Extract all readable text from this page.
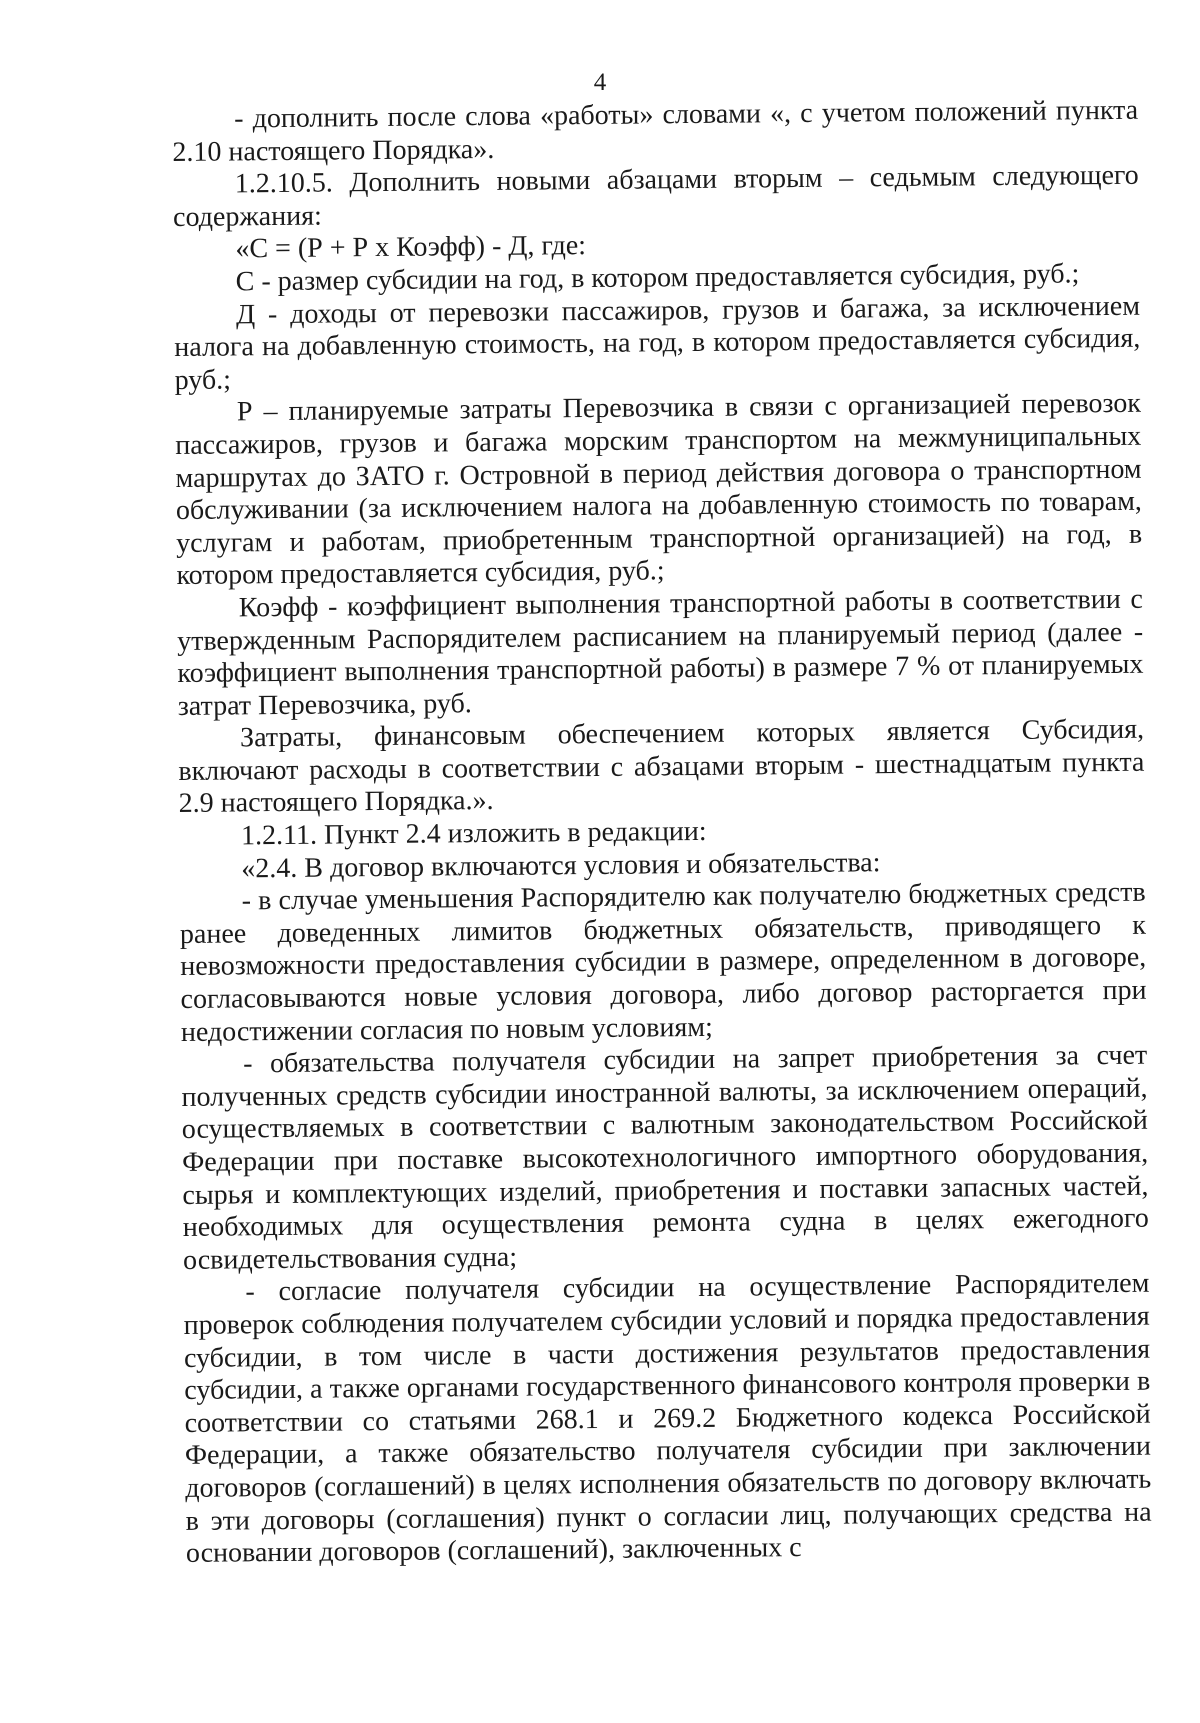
4

- дополнить после слова «работы» словами «, с учетом положений пункта 2.10 настоящего Порядка».

1.2.10.5. Дополнить новыми абзацами вторым – седьмым следующего содержания:

«С = (Р + Р х Коэфф) - Д, где:

С - размер субсидии на год, в котором предоставляется субсидия, руб.;

Д - доходы от перевозки пассажиров, грузов и багажа, за исключением налога на добавленную стоимость, на год, в котором предоставляется субсидия, руб.;

Р – планируемые затраты Перевозчика в связи с организацией перевозок пассажиров, грузов и багажа морским транспортом на межмуниципальных маршрутах до ЗАТО г. Островной в период действия договора о транспортном обслуживании (за исключением налога на добавленную стоимость по товарам, услугам и работам, приобретенным транспортной организацией) на год, в котором предоставляется субсидия, руб.;

Коэфф - коэффициент выполнения транспортной работы в соответствии с утвержденным Распорядителем расписанием на планируемый период (далее - коэффициент выполнения транспортной работы) в размере 7 % от планируемых затрат Перевозчика, руб.

Затраты, финансовым обеспечением которых является Субсидия, включают расходы в соответствии с абзацами вторым - шестнадцатым пункта 2.9 настоящего Порядка.».

1.2.11. Пункт 2.4 изложить в редакции:

«2.4. В договор включаются условия и обязательства:

- в случае уменьшения Распорядителю как получателю бюджетных средств ранее доведенных лимитов бюджетных обязательств, приводящего к невозможности предоставления субсидии в размере, определенном в договоре, согласовываются новые условия договора, либо договор расторгается при недостижении согласия по новым условиям;

- обязательства получателя субсидии на запрет приобретения за счет полученных средств субсидии иностранной валюты, за исключением операций, осуществляемых в соответствии с валютным законодательством Российской Федерации при поставке высокотехнологичного импортного оборудования, сырья и комплектующих изделий, приобретения и поставки запасных частей, необходимых для осуществления ремонта судна в целях ежегодного освидетельствования судна;

- согласие получателя субсидии на осуществление Распорядителем проверок соблюдения получателем субсидии условий и порядка предоставления субсидии, в том числе в части достижения результатов предоставления субсидии, а также органами государственного финансового контроля проверки в соответствии со статьями 268.1 и 269.2 Бюджетного кодекса Российской Федерации, а также обязательство получателя субсидии при заключении договоров (соглашений) в целях исполнения обязательств по договору включать в эти договоры (соглашения) пункт о согласии лиц, получающих средства на основании договоров (соглашений), заключенных с
